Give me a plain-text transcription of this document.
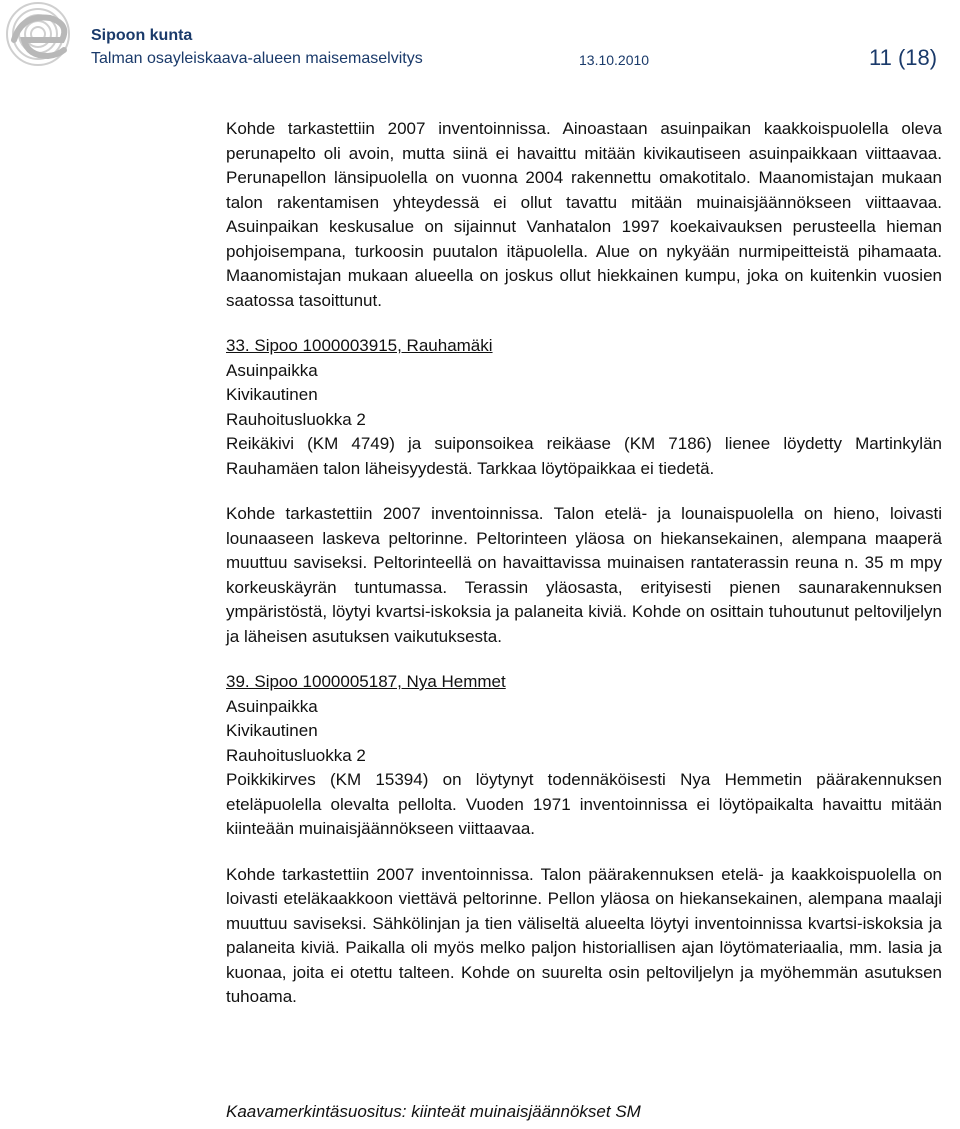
Sipoon kunta
Talman osayleiskaava-alueen maisemaselvitys	13.10.2010	11 (18)

Kohde tarkastettiin 2007 inventoinnissa. Ainoastaan asuinpaikan kaakkoispuolella oleva perunapelto oli avoin, mutta siinä ei havaittu mitään kivikautiseen asuinpaikkaan viittaavaa. Perunapellon länsipuolella on vuonna 2004 rakennettu omakotitalo. Maanomistajan mukaan talon rakentamisen yhteydessä ei ollut tavattu mitään muinaisjäännökseen viittaavaa. Asuinpaikan keskusalue on sijainnut Vanhatalon 1997 koekaivauksen perusteella hieman pohjoisempana, turkoosin puutalon itäpuolella. Alue on nykyään nurmipeitteistä pihamaata. Maanomistajan mukaan alueella on joskus ollut hiekkainen kumpu, joka on kuitenkin vuosien saatossa tasoittunut.

33. Sipoo 1000003915, Rauhamäki
Asuinpaikka
Kivikautinen
Rauhoitusluokka 2

Reikäkivi (KM 4749) ja suiponsoikea reikäase (KM 7186) lienee löydetty Martinkylän Rauhamäen talon läheisyydestä. Tarkkaa löytöpaikkaa ei tiedetä.

Kohde tarkastettiin 2007 inventoinnissa. Talon etelä- ja lounaispuolella on hieno, loivasti lounaaseen laskeva peltorinne. Peltorinteen yläosa on hiekansekainen, alempana maaperä muuttuu saviseksi. Peltorinteellä on havaittavissa muinaisen rantaterassin reuna n. 35 m mpy korkeuskäyrän tuntumassa. Terassin yläosasta, erityisesti pienen saunarakennuksen ympäristöstä, löytyi kvartsi-iskoksia ja palaneita kiviä. Kohde on osittain tuhoutunut peltoviljelyn ja läheisen asutuksen vaikutuksesta.

39. Sipoo 1000005187, Nya Hemmet
Asuinpaikka
Kivikautinen
Rauhoitusluokka 2

Poikkikirves (KM 15394) on löytynyt todennäköisesti Nya Hemmetin päärakennuksen eteläpuolella olevalta pellolta. Vuoden 1971 inventoinnissa ei löytöpaikalta havaittu mitään kiinteään muinaisjäännökseen viittaavaa.

Kohde tarkastettiin 2007 inventoinnissa. Talon päärakennuksen etelä- ja kaakkoispuolella on loivasti eteläkaakkoon viettävä peltorinne. Pellon yläosa on hiekansekainen, alempana maalaji muuttuu saviseksi. Sähkölinjan ja tien väliseltä alueelta löytyi inventoinnissa kvartsi-iskoksia ja palaneita kiviä. Paikalla oli myös melko paljon historiallisen ajan löytömateriaalia, mm. lasia ja kuonaa, joita ei otettu talteen. Kohde on suurelta osin peltoviljelyn ja myöhemmän asutuksen tuhoama.

Kaavamerkintäsuositus: kiinteät muinaisjäännökset SM
